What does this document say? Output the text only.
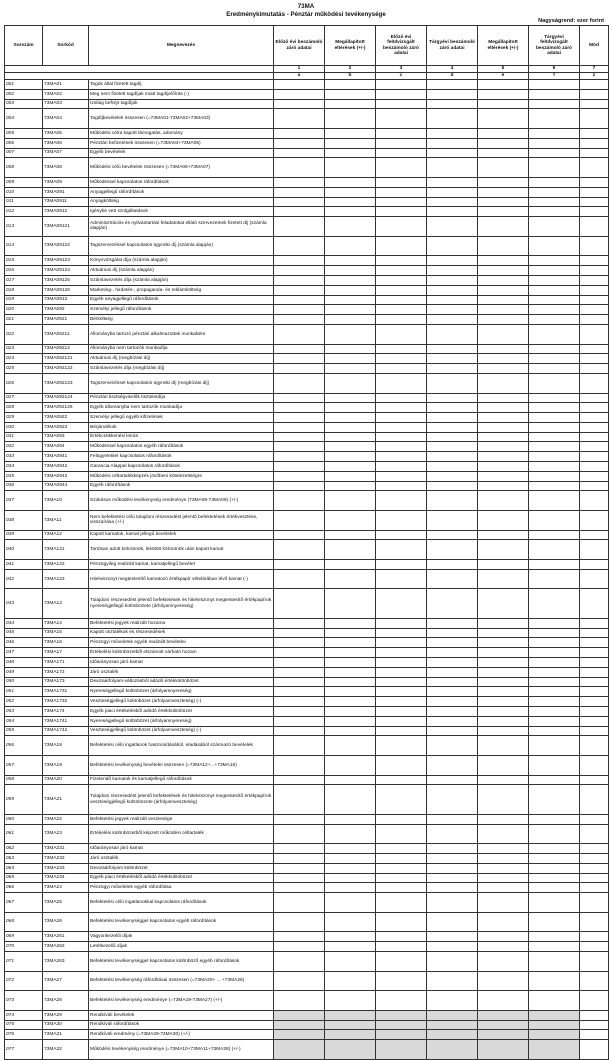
73MA
Eredménykimutatás - Pénztár működési tevékenysége
Nagyságrend: ezer forint
Sorszám	Sorkód	Megnevezés	Előző évi beszámoló záró adatai	Megállapított eltérések (+/-)	Előző évi felülvizsgált beszámoló záró adatai	Tárgyévi beszámoló záró adatai	Megállapított eltérések (+/-)	Tárgyévi felülvizsgált beszámoló záró adatai	Mód
			1	2	3	4	5	6	7
			a	b	c	d	e	f	z
001	73MA01	Tagok által fizetett tagdíj							
002	73MA02	Meg nem fizetett tagdíjak miatt tagdíjelőírás (-)							
003	73MA03	Utólag befolyt tagdíjak							
004	73MA04	Tagdíjbevételek összesen (=73MA01-73MA02+73MA03)							
005	73MA05	Működési célra kapott támogatás, adomány							
006	73MA06	Pénztári befizetések összesen (=73MA04+73MA05)							
007	73MA07	Egyéb bevételek							
008	73MA08	Működési célú bevételek összesen (=73MA06+73MA07)							
009	73MA09	Működéssel kapcsolatos ráfordítások							
010	73MA091	Anyagjellegű ráfordítások							
011	73MA0911	Anyagköltség							
012	73MA0912	Igénybe vett szolgáltatások							
013	73MA09121	Adminisztrációs és nyilvántartási feladatokat ellátó szervezetnek fizetett díj (számla alapján)							
014	73MA09122	Tagszervezéssel kapcsolatos ügynöki díj (számla alapján)							
015	73MA09123	Könyvvizsgálat díja (számla alapján)							
016	73MA09124	Aktuáriusi díj (számla alapján)							
017	73MA09125	Számlavezetés díja (számla alapján)							
018	73MA09126	Marketing-, hirdetés-, propaganda- és reklámköltség							
019	73MA0913	Egyéb anyagjellegű ráfordítások							
020	73MA092	Személyi jellegű ráfordítások							
021	73MA0921	Bérköltség							
022	73MA09211	Állományba tartozó pénztári alkalmazottak munkabére							
023	73MA09212	Állományba nem tartozók munkadíja							
024	73MA092121	Aktuáriusi díj (megbízási díj)							
025	73MA092122	Számlavezetés díja (megbízási díj)							
026	73MA092123	Tagszervezéssel kapcsolatos ügynöki díj (megbízási díj)							
027	73MA092124	Pénztári tisztségviselők tiszteletdíja							
028	73MA092126	Egyéb állományba nem tartozók munkadíja							
029	73MA0922	Személyi jellegű egyéb kifizetések							
030	73MA0923	Bérjárulékok							
031	73MA093	Értékcsökkenési leírás							
032	73MA094	Működéssel kapcsolatos egyéb ráfordítások							
033	73MA0941	Felügyeletitel kapcsolatos ráfordítások							
034	73MA0942	Garancia Alappal kapcsolatos ráfordítások							
035	73MA0943	Működési céltartalékképzés jövőbeni kötelezettségre							
036	73MA0944	Egyéb ráfordítások							
037	73MA10	Szokásos működési tevékenység eredménye (73MA08-73MA09) (+/-)							
038	73MA11	Nem befektetési célú tulajdoni részesedést jelentő befektetések értékvesztése, visszaírása (+/-)							
039	73MA12	Kapott kamatok, kamat jellegű bevételek							
040	73MA121	Tartósan adott kölcsönök, lekötött kölcsönök után kapott kamat							
041	73MA122	Pénzügyileg realizált kamat, kamatjellegű bevétel							
042	73MA123	Hitelviszonyt megtestesítő kamatozó értékpapír vételárában lévő kamat (-)							
043	73MA13	Tulajdoni részesedést jelentő befektetések és hitelviszonyt megtestesítő értékpapírok nyereségjellegű különbözete (árfolyamnyereség)							
044	73MA14	Befektetési jegyek realizált hozama							
045	73MA15	Kapott osztalékok és részesedések							
046	73MA16	Pénzügyi műveletek egyéb realizált bevételei							
047	73MA17	Értékelési különbözetből elszámolt várható hozam							
048	73MA171	Időarányosan járó kamat							
049	73MA172	Járó osztalék							
050	73MA173	Devizaárfolyam-változásból adódó értékkülönbözet							
051	73MA1731	Nyereségjellegű különbözet (árfolyamnyereség)							
052	73MA1732	Veszteségjellegű különbözet (árfolyamveszteség) (-)							
053	73MA174	Egyéb piaci értékelésből adódó értékkülönbözet							
054	73MA1741	Nyereségjellegű különbözet (árfolyamnyereség)							
055	73MA1742	Veszteségjellegű különbözet (árfolyamveszteség) (-)							
056	73MA18	Befektetési célú ingatlanok hasznosításából, eladásából származó bevételek							
057	73MA19	Befektetési tevékenység bevételei összesen (=73MA12+...+73MA18)							
058	73MA20	Fizetendő kamatok és kamatjellegű ráfordítások							
059	73MA21	Tulajdoni részesedést jelentő befektetések és hitelviszonyt megtestesítő értékpapírok veszteségjellegű különbözete (árfolyamveszteség)							
060	73MA22	Befektetési jegyek realizált vesztesége							
061	73MA23	Értékelési különbözetből képzett működési céltartalék							
062	73MA231	Időarányosan járó kamat							
063	73MA232	Járó osztalék							
064	73MA233	Devizaárfolyam különbözet							
065	73MA234	Egyéb piaci értékelésből adódó értékkülönbözet							
066	73MA24	Pénzügyi műveletek egyéb ráfordítása							
067	73MA25	Befektetési célú ingatlanokkal kapcsolatos ráfordítások							
068	73MA26	Befektetési tevékenységgel kapcsolatos egyéb ráfordítások							
069	73MA261	Vagyonkezelői díjak							
070	73MA262	Letétkezelői díjak							
071	73MA263	Befektetési tevékenységgel kapcsolatos különböző egyéb ráfordítások							
072	73MA27	Befektetési tevékenység ráfordításai összesen (=73MA20+ ... +73MA26)							
073	73MA28	Befektetési tevékenység eredménye (=73MA19-73MA27) (+/-)							
074	73MA29	Rendkívüli bevételek							
075	73MA30	Rendkívüli ráfordítások							
076	73MA31	Rendkívüli eredmény (=73MA29-73MA30) (+/-)							
077	73MA32	Működési tevékenység eredménye (=73MA10+73MA11+73MA28) (+/-)							
